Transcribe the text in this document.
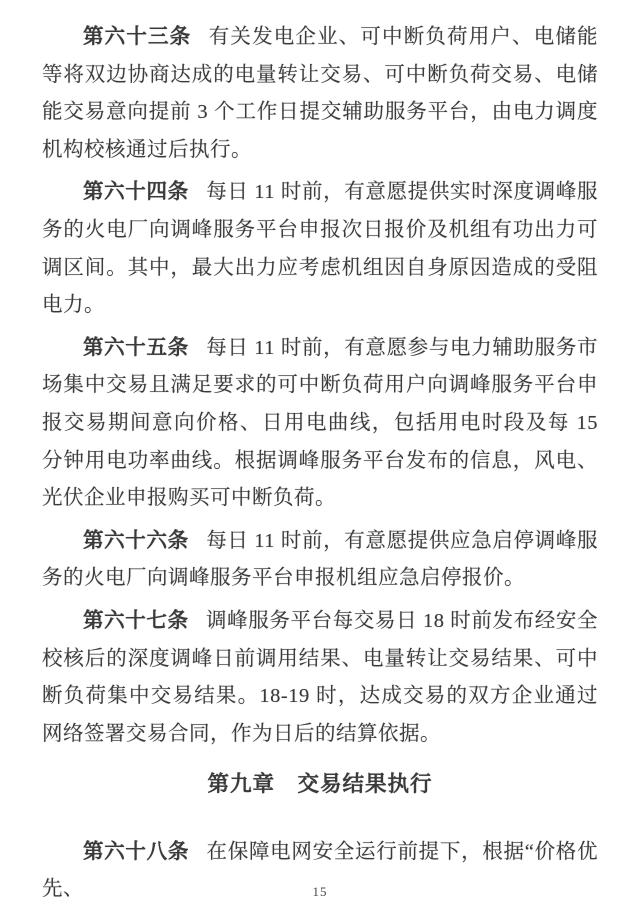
第六十三条 有关发电企业、可中断负荷用户、电储能等将双边协商达成的电量转让交易、可中断负荷交易、电储能交易意向提前 3 个工作日提交辅助服务平台，由电力调度机构校核通过后执行。

第六十四条 每日 11 时前，有意愿提供实时深度调峰服务的火电厂向调峰服务平台申报次日报价及机组有功出力可调区间。其中，最大出力应考虑机组因自身原因造成的受阻电力。

第六十五条 每日 11 时前，有意愿参与电力辅助服务市场集中交易且满足要求的可中断负荷用户向调峰服务平台申报交易期间意向价格、日用电曲线，包括用电时段及每 15 分钟用电功率曲线。根据调峰服务平台发布的信息，风电、光伏企业申报购买可中断负荷。

第六十六条 每日 11 时前，有意愿提供应急启停调峰服务的火电厂向调峰服务平台申报机组应急启停报价。

第六十七条 调峰服务平台每交易日 18 时前发布经安全校核后的深度调峰日前调用结果、电量转让交易结果、可中断负荷集中交易结果。18-19 时，达成交易的双方企业通过网络签署交易合同，作为日后的结算依据。

第九章　交易结果执行

第六十八条 在保障电网安全运行前提下，根据“价格优先、	15
